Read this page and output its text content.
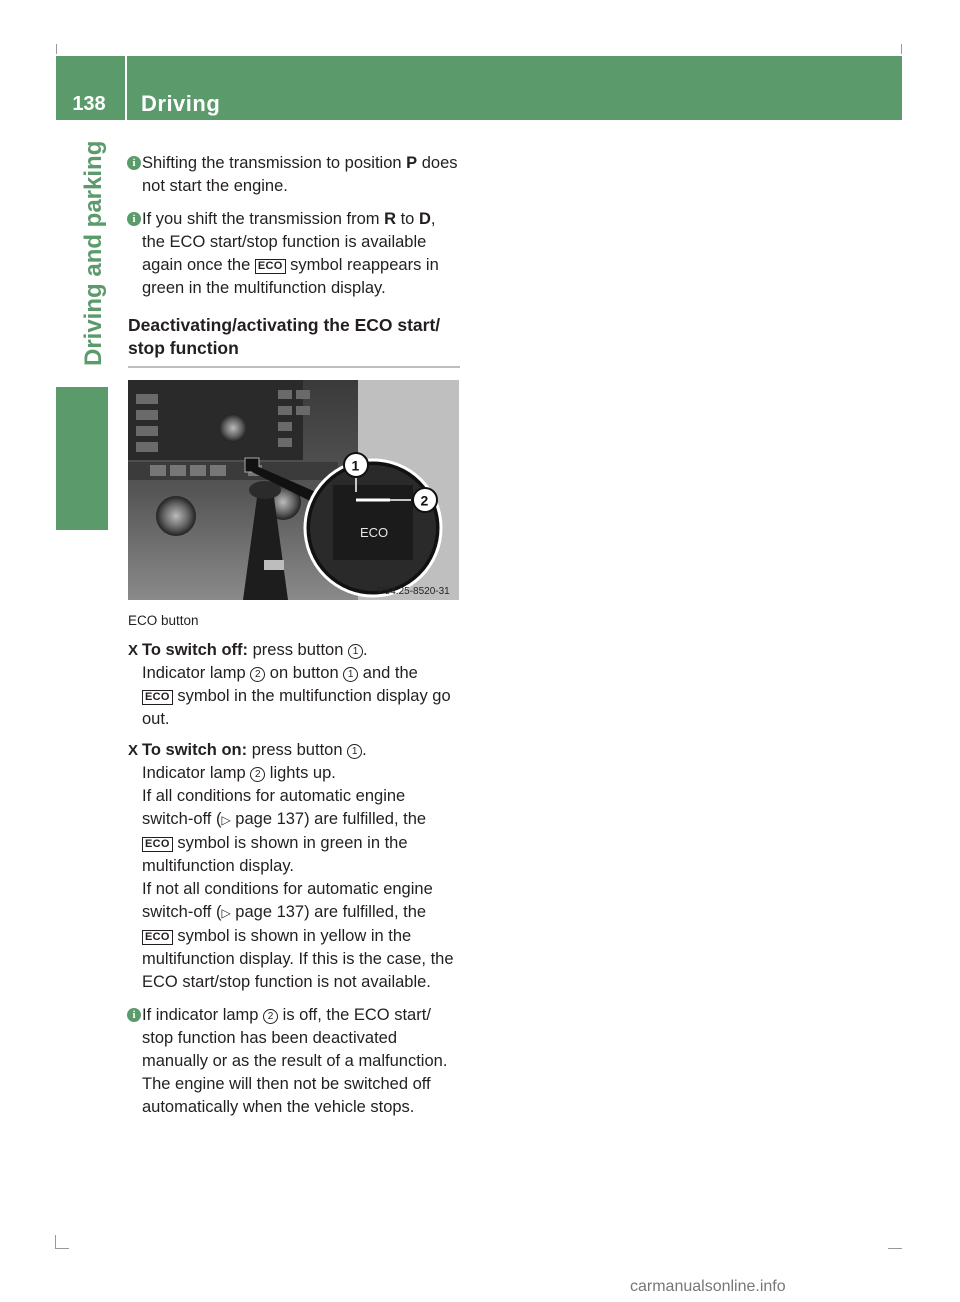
138	Driving
Driving and parking	i Shifting the transmission to position P does not start the engine.
i If you shift the transmission from R to D, the ECO start/stop function is available again once the ECO symbol reappears in green in the multifunction display.
Deactivating/activating the ECO start/ stop function
ECO
1
2
P54.25-8520-31
ECO button
X To switch off: press button 1 .
Indicator lamp 2 on button 1 and the
ECO symbol in the multifunction display go out.
X To switch on: press button 1 .
Indicator lamp 2 lights up.

If all conditions for automatic engine switch-off (▷ page 137) are fulfilled, the ECO symbol is shown in green in the multifunction display.

If not all conditions for automatic engine switch-off (▷ page 137) are fulfilled, the ECO symbol is shown in yellow in the multifunction display. If this is the case, the ECO start/stop function is not available.

i If indicator lamp 2 is off, the ECO start/ stop function has been deactivated manually or as the result of a malfunction. The engine will then not be switched off automatically when the vehicle stops.
carmanualsonline.info
